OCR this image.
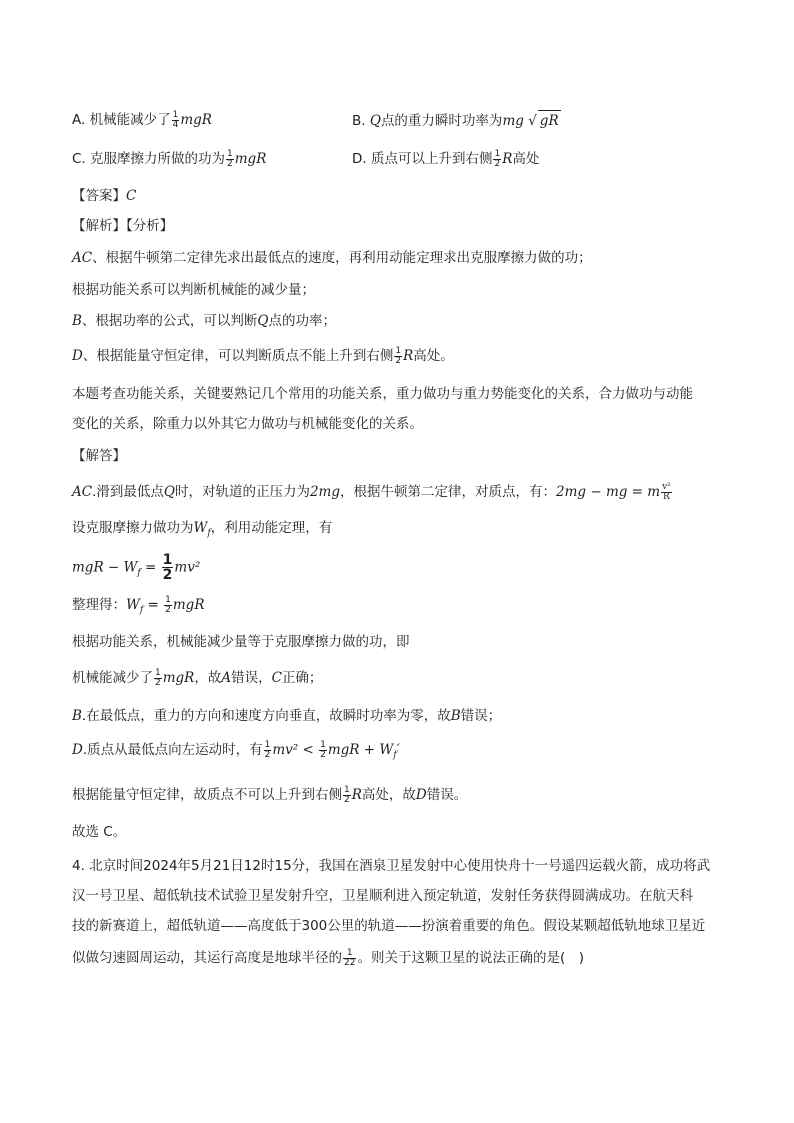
A. 机械能减少了 $\frac{1}{4}$ mgR	B. Q点的重力瞬时功率为mg √ gR
C. 克服摩擦力所做的功为 $\frac{1}{2}$ mgR	D. 质点可以上升到右侧 $\frac{1}{2}$ R高处
【答案】C
【解析】【分析】
AC、根据牛顿第二定律先求出最低点的速度，再利用动能定理求出克服摩擦力做的功；
根据功能关系可以判断机械能的减少量；
B、根据功率的公式，可以判断Q点的功率；
D、根据能量守恒定律，可以判断质点不能上升到右侧 $\frac{1}{2}$ R高处。
本题考查功能关系，关键要熟记几个常用的功能关系，重力做功与重力势能变化的关系，合力做功与动能
变化的关系，除重力以外其它力做功与机械能变化的关系。
【解答】
AC.滑到最低点Q时，对轨道的正压力为2mg，根据牛顿第二定律，对质点，有：2mg − mg = m $\frac{\text{v²}}{R}$
设克服摩擦力做功为$W_f$，利用动能定理，有
mgR − $W_f = \frac{1}{2} mv^2$
整理得：$W_f = \frac{1}{2}$ mgR
根据功能关系，机械能减少量等于克服摩擦力做的功，即
机械能减少了 $\frac{1}{2}$ mgR，故A错误，C正确；
B.在最低点，重力的方向和速度方向垂直，故瞬时功率为零，故B错误；
D.质点从最低点向左运动时，有 $\frac{1}{2} mv^2 < \frac{1}{2}$ mgR + $W_f'$
根据能量守恒定律，故质点不可以上升到右侧 $\frac{1}{2}$ R高处，故D错误。
故选 C。
4. 北京时间2024年5月21日12时15分，我国在酒泉卫星发射中心使用快舟十一号遥四运载火箭，成功将武
汉一号卫星、超低轨技术试验卫星发射升空，卫星顺利进入预定轨道，发射任务获得圆满成功。在航天科
技的新赛道上，超低轨道——高度低于300公里的轨道——扮演着重要的角色。假设某颗超低轨地球卫星近
似做匀速圆周运动，其运行高度是地球半径的 $\frac{1}{22}$ 。则关于这颗卫星的说法正确的是(　)
